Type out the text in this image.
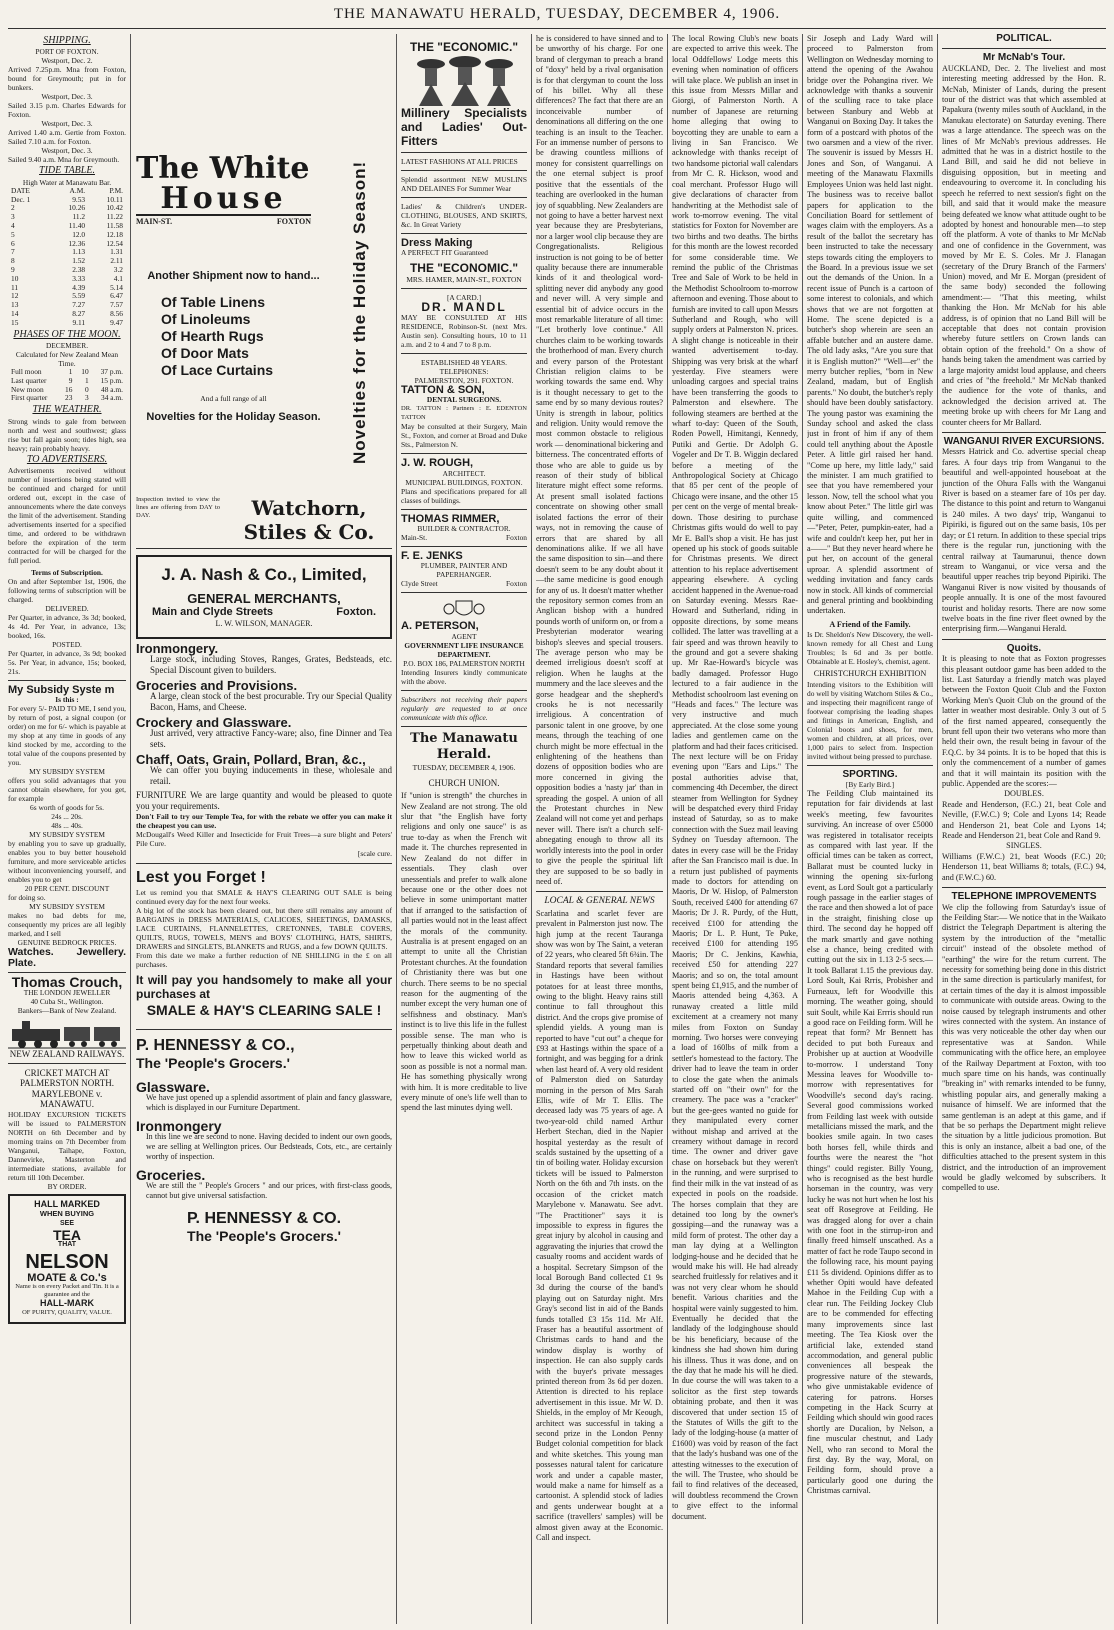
THE MANAWATU HERALD, TUESDAY, DECEMBER 4, 1906.
SHIPPING.
PORT OF FOXTON.
Westport, Dec. 2.
Arrived 7.25p.m. Mna from Foxton, bound for Greymouth; put in for bunkers.
Westport, Dec. 3.
Sailed 3.15 p.m. Charles Edwards for Foxton.
Westport, Dec. 3.
Arrived 1.40 a.m. Gertie from Foxton. Sailed 7.10 a.m. for Foxton.
Westport, Dec. 3.
Sailed 9.40 a.m. Mna for Greymouth.
TIDE TABLE.
High Water at Manawatu Bar.
DATE	A.M.	P.M.
Dec. 1	9.53	10.11
2	10.26	10.42
3	11.2	11.22
4	11.40	11.58
5	12.0	12.18
6	12.36	12.54
7	1.13	1.31
8	1.52	2.11
9	2.38	3.2
10	3.33	4.1
11	4.39	5.14
12	5.59	6.47
13	7.27	7.57
14	8.27	8.56
15	9.11	9.47
PHASES OF THE MOON.
DECEMBER.
Calculated for New Zealand Mean Time.
Full moon	1	10	37 p.m.
Last quarter	9	1	15 p.m.
New moon	16	0	48 a.m.
First quarter	23	3	34 a.m.
THE WEATHER.
Strong winds to gale from between north and west and southwest; glass rise but fall again soon; tides high, sea heavy; rain probably heavy.
TO ADVERTISERS.
Advertisements received without number of insertions being stated will be continued and charged for until ordered out, except in the case of announcements where the date conveys the limit of the advertisement. Standing advertisements inserted for a specified time, and ordered to be withdrawn before the expiration of the term contracted for will be charged for the full period.
Terms of Subscription.
On and after September 1st, 1906, the following terms of subscription will be charged.
DELIVERED.
Per Quarter, in advance, 3s 3d; booked, 4s 4d. Per Year, in advance, 13s; booked, 16s.
POSTED.
Per Quarter, in advance, 3s 9d; booked 5s. Per Year, in advance, 15s; booked, 21s.
My Subsidy Syste m
Is this :
For every 5/- PAID TO ME, I send you, by return of post, a signal coupon (or order) on me for 6/- which is payable at my shop at any time in goods of any kind stocked by me, according to the total value of the coupons presented by you.
MY SUBSIDY SYSTEM
offers you solid advantages that you cannot obtain elsewhere, for you get, for example
6s worth of goods for 5s.
24s ... 20s.
48s ... 40s.
MY SUBSIDY SYSTEM
by enabling you to save up gradually, enables you to buy better household furniture, and more serviceable articles without inconveniencing yourself, and enables you to get
20 PER CENT. DISCOUNT
for doing so.
MY SUBSIDY SYSTEM
makes no bad debts for me, consequently my prices are all legibly marked, and I sell
GENUINE BEDROCK PRICES.
Watches. Jewellery. Plate.
Thomas Crouch,
THE LONDON JEWELLER
40 Cuba St., Wellington.
Bankers—Bank of New Zealand.
NEW ZEALAND RAILWAYS.
CRICKET MATCH AT PALMERSTON NORTH.
MARYLEBONE v. MANAWATU.
HOLIDAY EXCURSION TICKETS will be issued to PALMERSTON NORTH on 6th December and by morning trains on 7th December from Wanganui, Taihape, Foxton, Dannevirke, Masterton and intermediate stations, available for return till 10th December.
BY ORDER.
HALL MARKED
WHEN BUYING
SEE
TEA
THAT
NELSON
MOATE & Co.'s
Name is on every Packet and Tin. It is a guarantee and the
HALL-MARK
OF PURITY, QUALITY, VALUE.
The White
House
MAIN-ST.	FOXTON Novelties for the Holiday Season!
Another Shipment now to hand...
Of Table Linens
Of Linoleums
Of Hearth Rugs
Of Door Mats
Of Lace Curtains
And a full range of all
Novelties for the Holiday Season.
Inspection invited to view the lines are offering from DAY to DAY.	Watchorn, Stiles & Co.
J. A. Nash & Co., Limited,
GENERAL MERCHANTS,
Main and Clyde Streets	Foxton.
L. W. WILSON, MANAGER.
Ironmongery.
Large stock, including Stoves, Ranges, Grates, Bedsteads, etc. Special Discount given to builders.
Groceries and Provisions.
A large, clean stock of the best procurable. Try our Special Quality Bacon, Hams, and Cheese.
Crockery and Glassware.
Just arrived, very attractive Fancy-ware; also, fine Dinner and Tea sets.
Chaff, Oats, Grain, Pollard, Bran, &c.,
We can offer you buying inducements in these, wholesale and retail.
FURNITURE We are large quantity and would be pleased to quote you your requirements.
Don't Fail to try our Temple Tea, for with the rebate we offer you can make it the cheapest you can use.
McDougall's Weed Killer and Insecticide for Fruit Trees—a sure blight and Peters' Pile Cure.
[scale cure.
Lest you Forget !
Let us remind you that SMALE & HAY'S CLEARING OUT SALE is being continued every day for the next four weeks.
A big lot of the stock has been cleared out, but there still remains any amount of BARGAINS in DRESS MATERIALS, CALICOES, SHEETINGS, DAMASKS, LACE CURTAINS, FLANNELETTES, CRETONNES, TABLE COVERS, QUILTS, RUGS, TOWELS, MEN'S and BOYS' CLOTHING, HATS, SHIRTS, DRAWERS and SINGLETS, BLANKETS and RUGS, and a few DOWN QUILTS.
From this date we make a further reduction of NE SHILLING in the £ on all purchases.
It will pay you handsomely to make all your purchases at
SMALE & HAY'S CLEARING SALE !
P. HENNESSY & CO.,
The 'People's Grocers.'
Glassware.
We have just opened up a splendid assortment of plain and fancy glassware, which is displayed in our Furniture Department.
Ironmongery
In this line we are second to none. Having decided to indent our own goods, we are selling at Wellington prices. Our Bedsteads, Cots, etc., are certainly worthy of inspection.
Groceries.
We are still the " People's Grocers " and our prices, with first-class goods, cannot but give universal satisfaction.
P. HENNESSY & CO.
The 'People's Grocers.'
THE "ECONOMIC."
Millinery Specialists and Ladies' Out-Fitters
LATEST FASHIONS AT ALL PRICES
Splendid assortment NEW MUSLINS AND DELAINES For Summer Wear
Ladies' & Children's UNDER-CLOTHING, BLOUSES, AND SKIRTS, &c. In Great Variety
Dress Making
A PERFECT FIT Guaranteed
THE "ECONOMIC."
MRS. HAMER, MAIN-ST., FOXTON
[A CARD.]
DR. MANDL
MAY BE CONSULTED AT HIS RESIDENCE, Robinson-St. (next Mrs. Austin sen). Consulting hours, 10 to 11 a.m. and 2 to 4 and 7 to 8 p.m.
ESTABLISHED 48 YEARS.
TELEPHONES:
PALMERSTON, 291. FOXTON.
TATTON & SON,
DENTAL SURGEONS.
DR. TATTON : Partners : E. EDENTON TATTON
May be consulted at their Surgery, Main St., Foxton, and corner at Broad and Duke Sts., Palmerston N.
J. W. ROUGH,
ARCHITECT.
MUNICIPAL BUILDINGS, FOXTON.
Plans and specifications prepared for all classes of buildings.
THOMAS RIMMER,
BUILDER & CONTRACTOR.
Main-St.	Foxton
F. E. JENKS
PLUMBER, PAINTER AND PAPERHANGER.
Clyde Street	Foxton
A. PETERSON,
AGENT
GOVERNMENT LIFE INSURANCE DEPARTMENT.
P.O. BOX 186, PALMERSTON NORTH
Intending Insurers kindly communicate with the above.
Subscribers not receiving their papers regularly are requested to at once communicate with this office.
The Manawatu Herald.
TUESDAY, DECEMBER 4, 1906.
CHURCH UNION.
If "union is strength" the churches in New Zealand are not strong. The old slur that "the English have forty religions and only one sauce" is as true to-day as when the French wit made it. The churches represented in New Zealand do not differ in essentials. They clash over unessentials and prefer to walk alone because one or the other does not believe in some unimportant matter that if arranged to the satisfaction of all parties would not in the least affect the morals of the community. Australia is at present engaged on an attempt to unite all the Christian Protestant churches. At the foundation of Christianity there was but one church. There seems to be no special reason for the augmenting of the number except the very human one of selfishness and obstinacy. Man's instinct is to live this life in the fullest possible sense. The man who is perpetually thinking about death and how to leave this wicked world as soon as possible is not a normal man. He has something physically wrong with him. It is more creditable to live every minute of one's life well than to spend the last minutes dying well.
he is considered to have sinned and to be unworthy of his charge. For one brand of clergyman to preach a brand of "doxy" held by a rival organisation is for that clergyman to count the loss of his billet. Why all these differences? The fact that there are an inconceivable number of denominations all differing on the one teaching is an insult to the Teacher. For an immense number of persons to be drawing countless millions of money for consistent quarrellings on the one eternal subject is proof positive that the essentials of the teaching are overlooked in the human joy of squabbling. New Zealanders are not going to have a better harvest next year because they are Presbyterians, nor a larger wool clip because they are Congregationalists. Religious instruction is not going to be of better quality because there are innumerable kinds of it and theological word-splitting never did anybody any good and never will. A very simple and essential bit of advice occurs in the most remarkable literature of all time: "Let brotherly love continue." All churches claim to be working towards the brotherhood of man. Every church and every parson of the Protestant Christian religion claims to be working towards the same end. Why is it thought necessary to get to the same end by so many devious routes? Unity is strength in labour, politics and religion. Unity would remove the most common obstacle to religious work — denominational bickering and bitterness. The concentrated efforts of those who are able to guide us by reason of their study of biblical literature might effect some reforms. At present small isolated factions concentrate on showing other small isolated factions the error of their ways, not in removing the cause of errors that are shared by all denominations alike. If we all have the same disposition to sin—and there doesn't seem to be any doubt about it—the same medicine is good enough for any of us. It doesn't matter whether the repository sermon comes from an Anglican bishop with a hundred pounds worth of uniform on, or from a Presbyterian moderator wearing bishop's sleeves and special trousers. The average person who may be deemed irreligious doesn't scoff at religion. When he laughs at the mummery and the lace sleeves and the gorse headgear and the shepherd's crooks he is not necessarily irreligious. A concentration of parsonic talent in one groove, by one means, through the teaching of one church might be more effectual in the enlightening of the heathens than dozens of opposition bodies who are more concerned in giving the opposition bodies a 'nasty jar' than in spreading the gospel. A union of all the Protestant churches in New Zealand will not come yet and perhaps never will. There isn't a church self-abnegating enough to throw all its worldly interests into the pool in order to give the people the spiritual lift they are supposed to be so badly in need of.
LOCAL & GENERAL NEWS
Scarlatina and scarlet fever are prevalent in Palmerston just now. The high jump at the recent Tauranga show was won by The Saint, a veteran of 22 years, who cleared 5ft 6¾in. The Standard reports that several families in Hastings have been without potatoes for at least three months, owing to the blight. Heavy rains still continue to fall throughout this district. And the crops give promise of splendid yields. A young man is reported to have "cut out" a cheque for £93 at Hastings within the space of a fortnight, and was begging for a drink when last heard of. A very old resident of Palmerston died on Saturday morning in the person of Mrs Sarah Ellis, wife of Mr T. Ellis. The deceased lady was 75 years of age. A two-year-old child named Arthur Herbert Stechan, died in the Napier hospital yesterday as the result of scalds sustained by the upsetting of a tin of boiling water. Holiday excursion tickets will be issued to Palmerston North on the 6th and 7th insts. on the occasion of the cricket match Marylebone v. Manawatu. See advt. "The Practitioner" says it is impossible to express in figures the great injury by alcohol in causing and aggravating the injuries that crowd the casualty rooms and accident wards of a hospital. Secretary Simpson of the local Borough Band collected £1 9s 3d during the course of the band's playing out on Saturday night. Mrs Gray's second list in aid of the Bands funds totalled £3 15s 11d. Mr Alf. Fraser has a beautiful assortment of Christmas cards to hand and the window display is worthy of inspection. He can also supply cards with the buyer's private messages printed thereon from 3s 6d per dozen. Attention is directed to his replace advertisement in this issue. Mr W. D. Shields, in the employ of Mr Keough, architect was successful in taking a second prize in the London Penny Budget colonial competition for black and white sketches. This young man possesses natural talent for caricature work and under a capable master, would make a name for himself as a cartoonist. A splendid stock of ladies and gents underwear bought at a sacrifice (travellers' samples) will be almost given away at the Economic. Call and inspect.
The local Rowing Club's new boats are expected to arrive this week. The local Oddfellows' Lodge meets this evening when nomination of officers will take place. We publish an inset in this issue from Messrs Millar and Giorgi, of Palmerston North. A number of Japanese are returning home alleging that owing to boycotting they are unable to earn a living in San Francisco. We acknowledge with thanks receipt of two handsome pictorial wall calendars from Mr C. R. Hickson, wood and coal merchant. Professor Hugo will give declarations of character from handwriting at the Methodist sale of work to-morrow evening. The vital statistics for Foxton for November are two births and two deaths. The births for this month are the lowest recorded for some considerable time. We remind the public of the Christmas Tree and Sale of Work to be held in the Methodist Schoolroom to-morrow afternoon and evening. Those about to furnish are invited to call upon Messrs Sutherland and Rough, who will supply orders at Palmerston N. prices. A slight change is noticeable in their wanted advertisement to-day. Shipping was very brisk at the wharf yesterday. Five steamers were unloading cargoes and special trains have been transferring the goods to Palmerston and elsewhere. The following steamers are berthed at the wharf to-day: Queen of the South, Roden Powell, Himitangi, Kennedy, Putiki and Gertie. Dr Adolph G. Vogeler and Dr T. B. Wiggin declared before a meeting of the Anthropological Society at Chicago that 85 per cent of the people of Chicago were insane, and the other 15 per cent on the verge of mental break-down. Those desiring to purchase Christmas gifts would do well to pay Mr E. Ball's shop a visit. He has just opened up his stock of goods suitable for Christmas presents. We direct attention to his replace advertisement appearing elsewhere. A cycling accident happened in the Avenue-road on Saturday evening. Messrs Rae-Howard and Sutherland, riding in opposite directions, by some means collided. The latter was travelling at a fair speed and was thrown heavily to the ground and got a severe shaking up. Mr Rae-Howard's bicycle was badly damaged. Professor Hugo lectured to a fair audience in the Methodist schoolroom last evening on "Heads and faces." The lecture was very instructive and much appreciated. At the close some young ladies and gentlemen came on the platform and had their faces criticised. The next lecture will be on Friday evening upon "Ears and Lips." The postal authorities advise that, commencing 4th December, the direct steamer from Wellington for Sydney will be despatched every third Friday instead of Saturday, so as to make connection with the Suez mail leaving Sydney on Tuesday afternoon. The dates in every case will be the Friday after the San Francisco mail is due. In a return just published of payments made to doctors for attending on Maoris, Dr W. Hislop, of Palmerston South, received £400 for attending 67 Maoris; Dr J. R. Purdy, of the Hutt, received £100 for attending the Maoris; Dr L. P. Hunt, Te Puke, received £100 for attending 195 Maoris; Dr C. Jenkins, Kawhia, received £50 for attending 227 Maoris; and so on, the total amount spent being £1,915, and the number of Maoris attended being 4,363. A runaway created a little mild excitement at a creamery not many miles from Foxton on Sunday morning. Two horses were conveying a load of 160lbs of milk from a settler's homestead to the factory. The driver had to leave the team in order to close the gate when the animals started off on "their own" for the creamery. The pace was a "cracker" but the gee-gees wanted no guide for they manipulated every corner without mishap and arrived at the creamery without damage in record time. The owner and driver gave chase on horseback but they weren't in the running, and were surprised to find their milk in the vat instead of as expected in pools on the roadside. The horses complain that they are detained too long by the owner's gossiping—and the runaway was a mild form of protest. The other day a man lay dying at a Wellington lodging-house and he decided that he would make his will. He had already searched fruitlessly for relatives and it was not very clear whom he should benefit. Various charities and the hospital were vainly suggested to him. Eventually he decided that the landlady of the lodginghouse should be his beneficiary, because of the kindness she had shown him during his illness. Thus it was done, and on the day that he made his will he died. In due course the will was taken to a solicitor as the first step towards obtaining probate, and then it was discovered that under section 15 of the Statutes of Wills the gift to the lady of the lodging-house (a matter of £1600) was void by reason of the fact that the lady's husband was one of the attesting witnesses to the execution of the will. The Trustee, who should be fail to find relatives of the deceased, will doubtless recommend the Crown to give effect to the informal document.
Sir Joseph and Lady Ward will proceed to Palmerston from Wellington on Wednesday morning to attend the opening of the Awahou bridge over the Pohangina river. We acknowledge with thanks a souvenir of the sculling race to take place between Stanbury and Webb at Wanganui on Boxing Day. It takes the form of a postcard with photos of the two oarsmen and a view of the river. The souvenir is issued by Messrs H. Jones and Son, of Wanganui. A meeting of the Manawatu Flaxmills Employees Union was held last night. The business was to receive ballot papers for application to the Conciliation Board for settlement of wages claim with the employers. As a result of the ballot the secretary has been instructed to take the necessary steps towards citing the employers to the Board. In a previous issue we set out the demands of the Union. In a recent issue of Punch is a cartoon of some interest to colonials, and which shows that we are not forgotten at Home. The scene depicted is a butcher's shop wherein are seen an affable butcher and an austere dame. The old lady asks, "Are you sure that it is English mutton?" "Well—er" the merry butcher replies, "born in New Zealand, madam, but of English parents." No doubt, the butcher's reply should have been doubly satisfactory. The young pastor was examining the Sunday school and asked the class just in front of him if any of them could tell anything about the Apostle Peter. A little girl raised her hand. "Come up here, my little lady," said the minister. I am much gratified to see that you have remembered your lesson. Now, tell the school what you know about Peter." The little girl was quite willing, and commenced—"Peter, Peter, pumpkin-eater, had a wife and couldn't keep her, put her in a——" But they never heard where he put her, on account of the general uproar. A splendid assortment of wedding invitation and fancy cards now in stock. All kinds of commercial and general printing and bookbinding undertaken.
A Friend of the Family.
Is Dr. Sheldon's New Discovery, the well-known remedy for all Chest and Lung Troubles; Is 6d and 3s per bottle. Obtainable at E. Hosley's, chemist, agent.
CHRISTCHURCH EXHIBITION
Intending visitors to the Exhibition will do well by visiting Watchorn Stiles & Co., and inspecting their magnificent range of footwear comprising the leading shapes and fittings in American, English, and Colonial boots and shoes, for men, women and children, at all prices, over 1,000 pairs to select from. Inspection invited without being pressed to purchase.
SPORTING.
[By Early Bird.]
The Feilding Club maintained its reputation for fair dividends at last week's meeting, few favourites surviving. An increase of over £5000 was registered in totalisator receipts as compared with last year. If the official times can be taken as correct, Ballarat must be counted lucky in winning the opening six-furlong event, as Lord Soult got a particularly rough passage in the earlier stages of the race and then showed a lot of pace in the straight, finishing close up third. The second day he hopped off the mark smartly and gave nothing else a chance, being credited with cutting out the six in 1.13 2-5 secs.—It took Ballarat 1.15 the previous day. Lord Soult, Kai Rrris, Probisher and Furneaux, left for Woodville this morning. The weather going, should suit Soult, while Kai Errris should run a good race on Feilding form. Will he repeat that form? Mr Bennett has decided to put both Fureaux and Probisher up at auction at Woodville to-morrow. I understand Tony Messina leaves for Woodville to-morrow with representatives for Woodville's second day's racing. Several good commissions worked from Feilding last week with outside metallicians missed the mark, and the bookies smile again. In two cases both horses fell, while thirds and fourths were the nearest the "hot things" could register. Billy Young, who is recognised as the best hurdle horseman in the country, was very lucky he was not hurt when he lost his seat off Rosegrove at Feilding. He was dragged along for over a chain with one foot in the stirrup-iron and finally freed himself unscathed. As a matter of fact he rode Taupo second in the following race, his mount paying £11 5s dividend. Opinions differ as to whether Opiti would have defeated Mahoe in the Feilding Cup with a clear run. The Feilding Jockey Club are to be commended for effecting many improvements since last meeting. The Tea Kiosk over the artificial lake, extended stand accommodation, and general public conveniences all bespeak the progressive nature of the stewards, who give unmistakable evidence of catering for patrons. Horses competing in the Hack Scurry at Feilding which should win good races shortly are Ducalion, by Nelson, a fine muscular chestnut, and Lady Nell, who ran second to Moral the first day. By the way, Moral, on Feilding form, should prove a particularly good one during the Christmas carnival.
POLITICAL.
Mr McNab's Tour.
AUCKLAND, Dec. 2. The liveliest and most interesting meeting addressed by the Hon. R. McNab, Minister of Lands, during the present tour of the district was that which assembled at Papakura (twenty miles south of Auckland, in the Manukau electorate) on Saturday evening. There was a large attendance. The speech was on the lines of Mr McNab's previous addresses. He admitted that he was in a district hostile to the Land Bill, and said he did not believe in disguising opposition, but in meeting and endeavouring to overcome it. In concluding his speech he referred to next session's fight on the bill, and said that it would make the measure being defeated we know what attitude ought to be adopted by honest and honourable men—to step off the platform. A vote of thanks to Mr McNab and one of confidence in the Government, was moved by Mr E. S. Coles. Mr J. Flanagan (secretary of the Drury Branch of the Farmers' Union) moved, and Mr E. Morgan (president of the same body) seconded the following amendment:— "That this meeting, whilst thanking the Hon. Mr McNab for his able address, is of opinion that no Land Bill will be acceptable that does not contain provision whereby future settlers on Crown lands can obtain option of the freehold." On a show of hands being taken the amendment was carried by a large majority amidst loud applause, and cheers and cries of "the freehold." Mr McNab thanked the audience for the vote of thanks, and acknowledged the decision arrived at. The meeting broke up with cheers for Mr Lang and counter cheers for Mr Ballard.
WANGANUI RIVER EXCURSIONS.
Messrs Hatrick and Co. advertise special cheap fares. A four days trip from Wanganui to the beautiful and well-appointed houseboat at the junction of the Ohura Falls with the Wanganui River is based on a steamer fare of 10s per day. The distance to this point and return to Wanganui is 240 miles. A two days' trip, Wanganui to Pipiriki, is figured out on the same basis, 10s per day; or £1 return. In addition to these special trips there is the regular run, junctioning with the central railway at Taumarunui, thence down stream to Wanganui, or vice versa and the beautiful upper reaches trip beyond Pipiriki. The Wanganui River is now visited by thousands of people annually. It is one of the most favoured tourist and holiday resorts. There are now some twelve boats in the fine river fleet owned by the enterprising firm.—Wanganui Herald.
Quoits.
It is pleasing to note that as Foxton progresses this pleasant outdoor game has been added to the list. Last Saturday a friendly match was played between the Foxton Quoit Club and the Foxton Working Men's Quoit Club on the ground of the latter in weather most desirable. Only 3 out of 5 of the first named appeared, consequently the brunt fell upon their two veterans who more than held their own, the result being in favour of the F.Q.C. by 34 points. It is to be hoped that this is only the commencement of a number of games and that it will maintain its position with the public. Appended are the scores:—
DOUBLES.
Reade and Henderson, (F.C.) 21, beat Cole and Neville, (F.W.C.) 9; Cole and Lyons 14; Reade and Henderson 21, beat Cole and Lyons 14; Reade and Henderson 21, beat Cole and Rand 9.
SINGLES.
Williams (F.W.C.) 21, beat Woods (F.C.) 20; Henderson 11, beat Williams 8; totals, (F.C.) 94, and (F.W.C.) 60.
TELEPHONE IMPROVEMENTS
We clip the following from Saturday's issue of the Feilding Star:— We notice that in the Waikato district the Telegraph Department is altering the system by the introduction of the "metallic circuit" instead of the obsolete method of "earthing" the wire for the return current. The necessity for something being done in this district in the same direction is particularly manifest, for at certain times of the day it is almost impossible to communicate with outside areas. Owing to the noise caused by telegraph instruments and other wires connected with the system. An instance of this was very noticeable the other day when our representative was at Sandon. While communicating with the office here, an employee of the Railway Department at Foxton, with too much spare time on his hands, was continually "breaking in" with remarks intended to be funny, whistling popular airs, and generally making a nuisance of himself. We are informed that the same gentleman is an adept at this game, and if that be so perhaps the Department might relieve the situation by a little judicious promotion. But this is only an instance, albeit a bad one, of the difficulties attached to the present system in this district, and the introduction of an improvement would be gladly welcomed by subscribers. It compelled to use.
